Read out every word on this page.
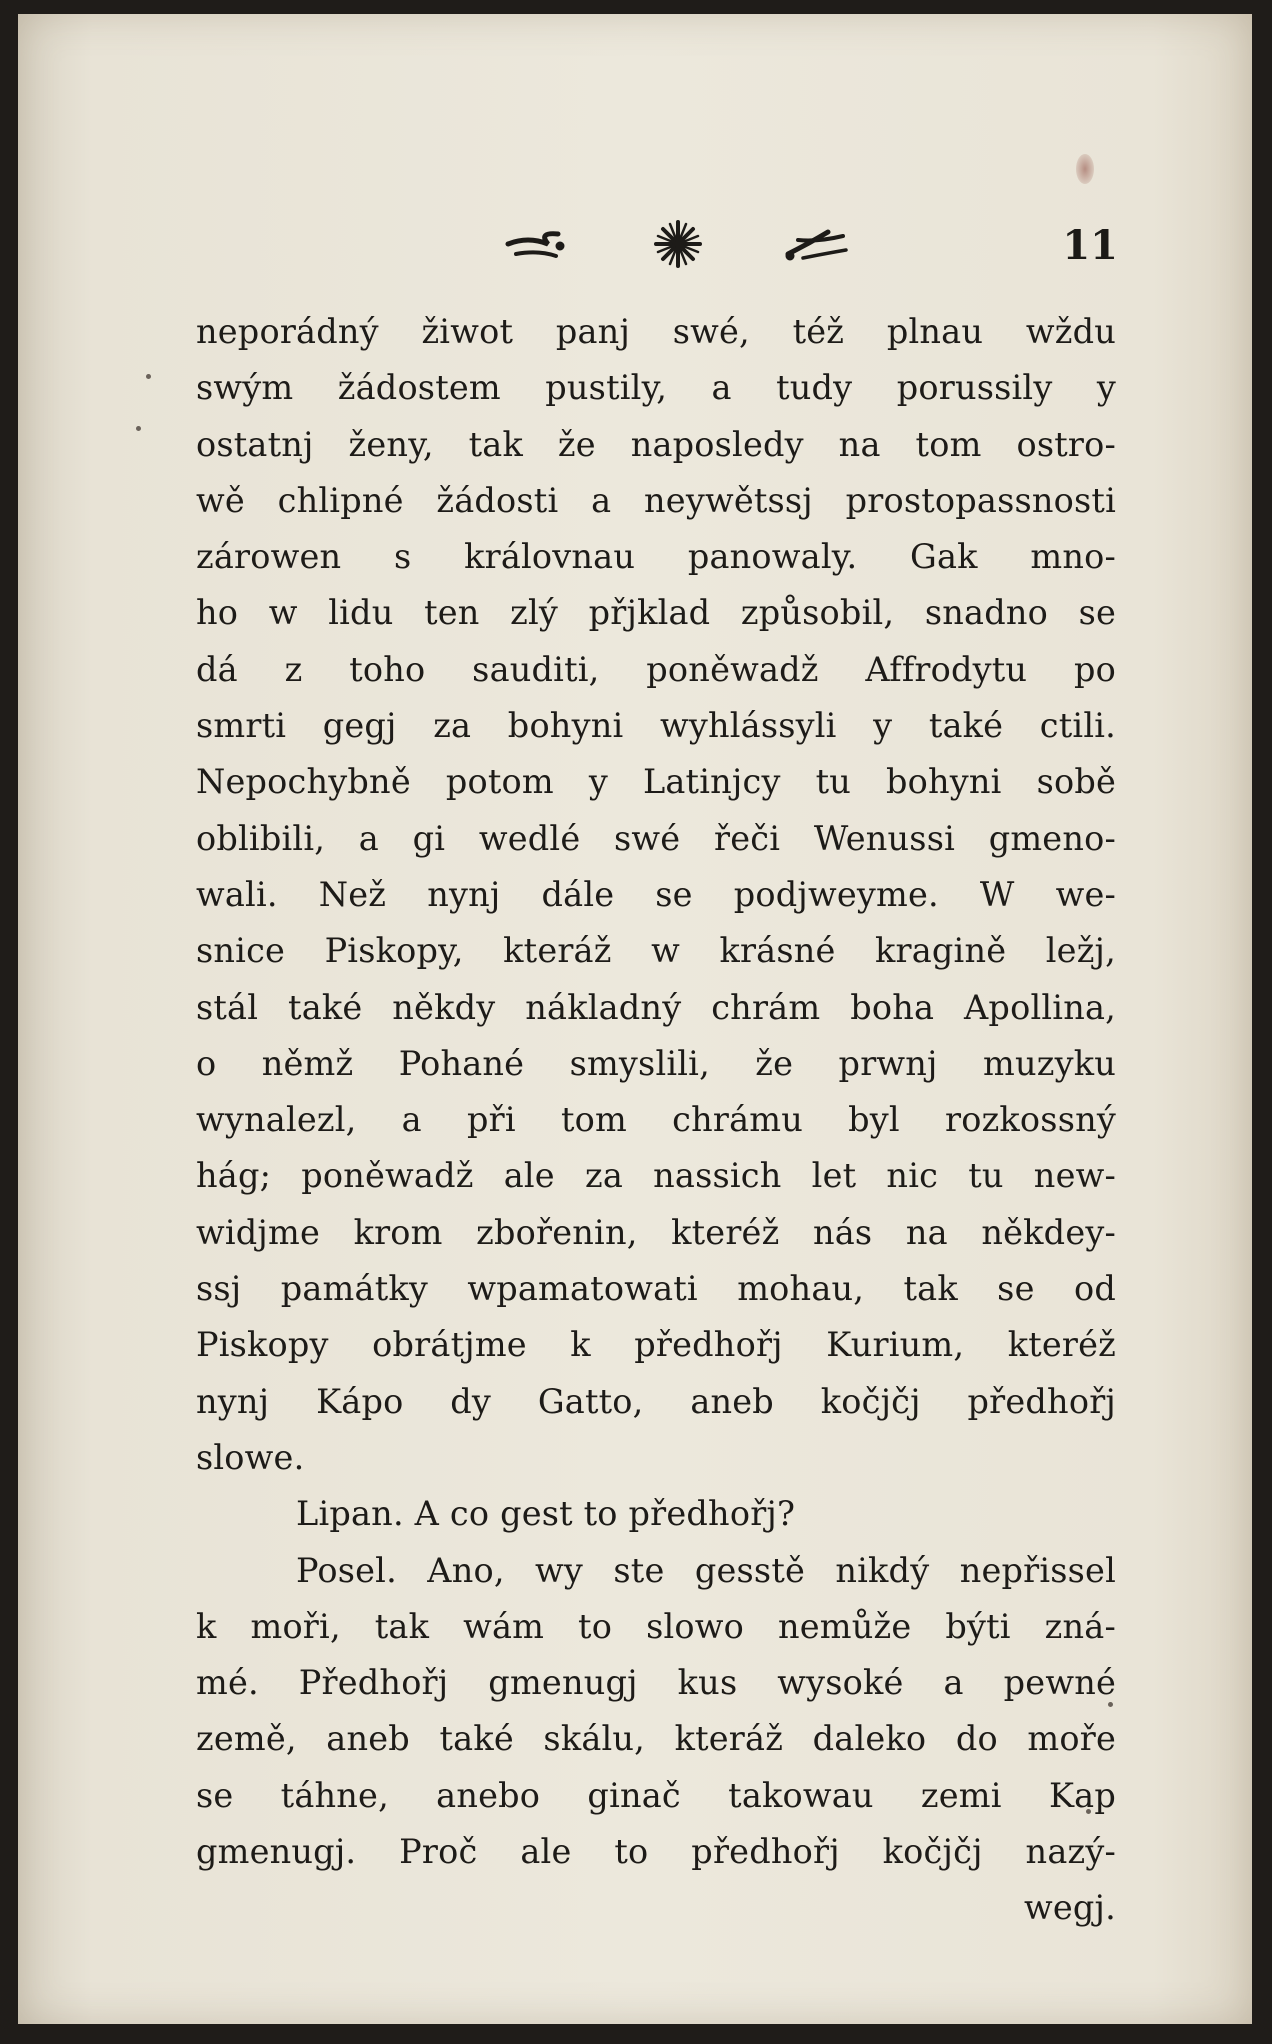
11
neporádný žiwot panj swé, též plnau wždu
swým žádostem pustily, a tudy porussily y
ostatnj ženy, tak že naposledy na tom ostro-
wě chlipné žádosti a neywětssj prostopassnosti
zárowen s královnau panowaly. Gak mno-
ho w lidu ten zlý přjklad způsobil, snadno se
dá z toho sauditi, poněwadž Affrodytu po
smrti gegj za bohyni wyhlássyli y také ctili.
Nepochybně potom y Latinjcy tu bohyni sobě
oblibili, a gi wedlé swé řeči Wenussi gmeno-
wali. Než nynj dále se podjweyme. W we-
snice Piskopy, kteráž w krásné kragině ležj,
stál také někdy nákladný chrám boha Apollina,
o němž Pohané smyslili, že prwnj muzyku
wynalezl, a při tom chrámu byl rozkossný
hág; poněwadž ale za nassich let nic tu new-
widjme krom zbořenin, kteréž nás na někdey-
ssj památky wpamatowati mohau, tak se od
Piskopy obrátjme k předhořj Kurium, kteréž
nynj Kápo dy Gatto, aneb kočjčj předhořj
slowe.
Lipan. A co gest to předhořj?
Posel. Ano, wy ste gesstě nikdý nepřissel
k moři, tak wám to slowo nemůže býti zná-
mé. Předhořj gmenugj kus wysoké a pewné
země, aneb také skálu, kteráž daleko do moře
se táhne, anebo ginač takowau zemi Kap
gmenugj. Proč ale to předhořj kočjčj nazý-
wegj.
